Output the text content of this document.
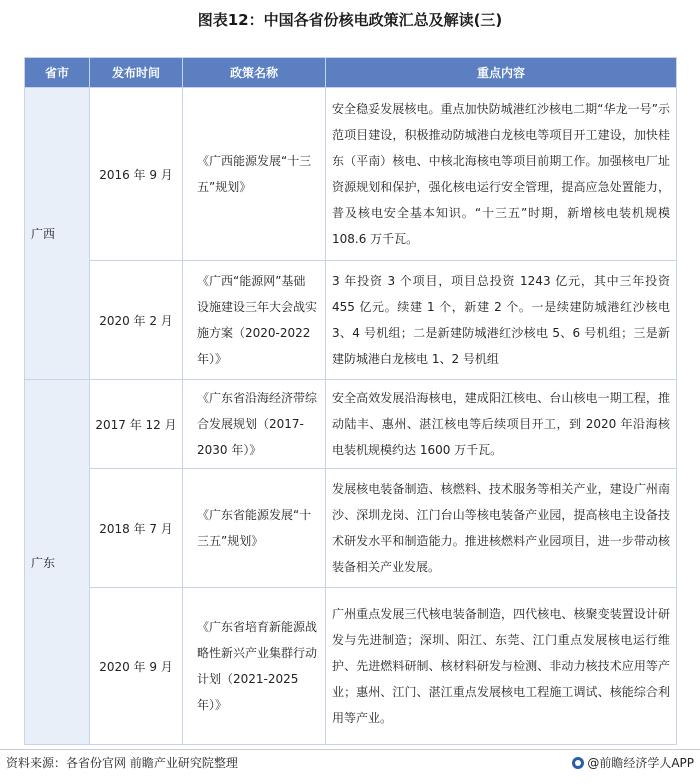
图表12：中国各省份核电政策汇总及解读(三)
省市	发布时间	政策名称	重点内容
广西	2016 年 9 月	《广西能源发展“十三五”规划》	安全稳妥发展核电。重点加快防城港红沙核电二期“华龙一号”示范项目建设，积极推动防城港白龙核电等项目开工建设，加快桂东（平南）核电、中核北海核电等项目前期工作。加强核电厂址资源规划和保护，强化核电运行安全管理，提高应急处置能力，普及核电安全基本知识。“十三五”时期，新增核电装机规模 108.6 万千瓦。
	2020 年 2 月	《广西“能源网”基础设施建设三年大会战实施方案（2020-2022 年）》	3 年投资 3 个项目，项目总投资 1243 亿元，其中三年投资 455 亿元。续建 1 个，新建 2 个。一是续建防城港红沙核电 3、4 号机组；二是新建防城港红沙核电 5、6 号机组；三是新建防城港白龙核电 1、2 号机组
广东	2017 年 12 月	《广东省沿海经济带综合发展规划（2017-2030 年）》	安全高效发展沿海核电，建成阳江核电、台山核电一期工程，推动陆丰、惠州、湛江核电等后续项目开工，到 2020 年沿海核电装机规模约达 1600 万千瓦。
	2018 年 7 月	《广东省能源发展“十三五”规划》	发展核电装备制造、核燃料、技术服务等相关产业，建设广州南沙、深圳龙岗、江门台山等核电装备产业园，提高核电主设备技术研发水平和制造能力。推进核燃料产业园项目，进一步带动核装备相关产业发展。
	2020 年 9 月	《广东省培育新能源战略性新兴产业集群行动计划（2021-2025 年）》	广州重点发展三代核电装备制造，四代核电、核聚变装置设计研发与先进制造；深圳、阳江、东莞、江门重点发展核电运行维护、先进燃料研制、核材料研发与检测、非动力核技术应用等产业；惠州、江门、湛江重点发展核电工程施工调试、核能综合利用等产业。
资料来源：各省份官网 前瞻产业研究院整理	@前瞻经济学人APP
